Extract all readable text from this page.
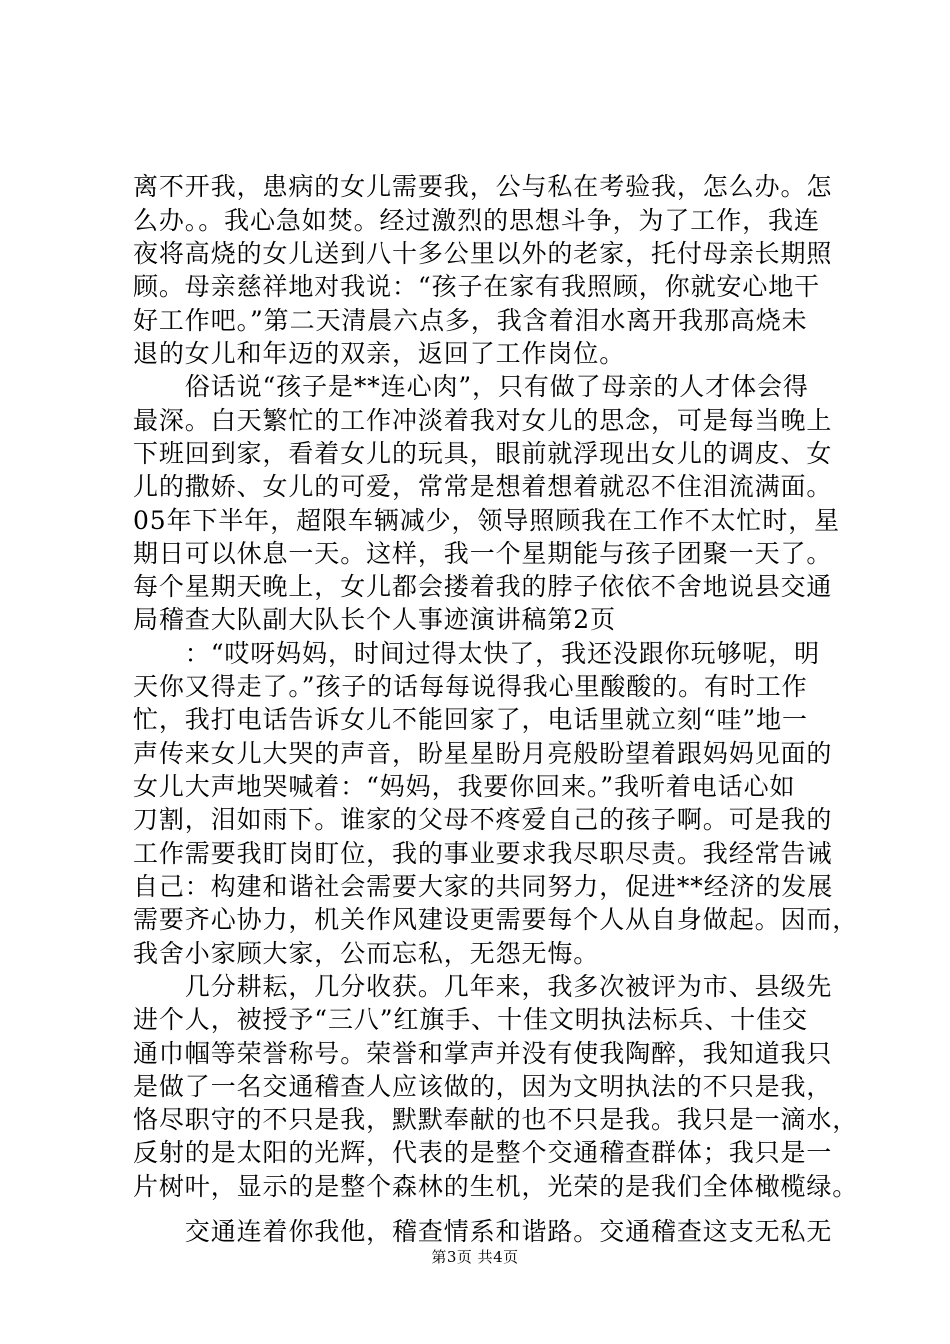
离不开我，患病的女儿需要我，公与私在考验我，怎么办。怎
么办。。我心急如焚。经过激烈的思想斗争，为了工作，我连
夜将高烧的女儿送到八十多公里以外的老家，托付母亲长期照
顾。母亲慈祥地对我说：“孩子在家有我照顾，你就安心地干
好工作吧。”第二天清晨六点多，我含着泪水离开我那高烧未
退的女儿和年迈的双亲，返回了工作岗位。
　　俗话说“孩子是**连心肉”，只有做了母亲的人才体会得
最深。白天繁忙的工作冲淡着我对女儿的思念，可是每当晚上
下班回到家，看着女儿的玩具，眼前就浮现出女儿的调皮、女
儿的撒娇、女儿的可爱，常常是想着想着就忍不住泪流满面。
05年下半年，超限车辆减少，领导照顾我在工作不太忙时，星
期日可以休息一天。这样，我一个星期能与孩子团聚一天了。
每个星期天晚上，女儿都会搂着我的脖子依依不舍地说县交通
局稽查大队副大队长个人事迹演讲稿第2页
　　：“哎呀妈妈，时间过得太快了，我还没跟你玩够呢，明
天你又得走了。”孩子的话每每说得我心里酸酸的。有时工作
忙，我打电话告诉女儿不能回家了，电话里就立刻“哇”地一
声传来女儿大哭的声音，盼星星盼月亮般盼望着跟妈妈见面的
女儿大声地哭喊着：“妈妈，我要你回来。”我听着电话心如
刀割，泪如雨下。谁家的父母不疼爱自己的孩子啊。可是我的
工作需要我盯岗盯位，我的事业要求我尽职尽责。我经常告诫
自己：构建和谐社会需要大家的共同努力，促进**经济的发展
需要齐心协力，机关作风建设更需要每个人从自身做起。因而，
我舍小家顾大家，公而忘私，无怨无悔。
　　几分耕耘，几分收获。几年来，我多次被评为市、县级先
进个人，被授予“三八”红旗手、十佳文明执法标兵、十佳交
通巾帼等荣誉称号。荣誉和掌声并没有使我陶醉，我知道我只
是做了一名交通稽查人应该做的，因为文明执法的不只是我，
恪尽职守的不只是我，默默奉献的也不只是我。我只是一滴水，
反射的是太阳的光辉，代表的是整个交通稽查群体；我只是一
片树叶，显示的是整个森林的生机，光荣的是我们全体橄榄绿。
　　交通连着你我他，稽查情系和谐路。交通稽查这支无私无
第3页 共4页
